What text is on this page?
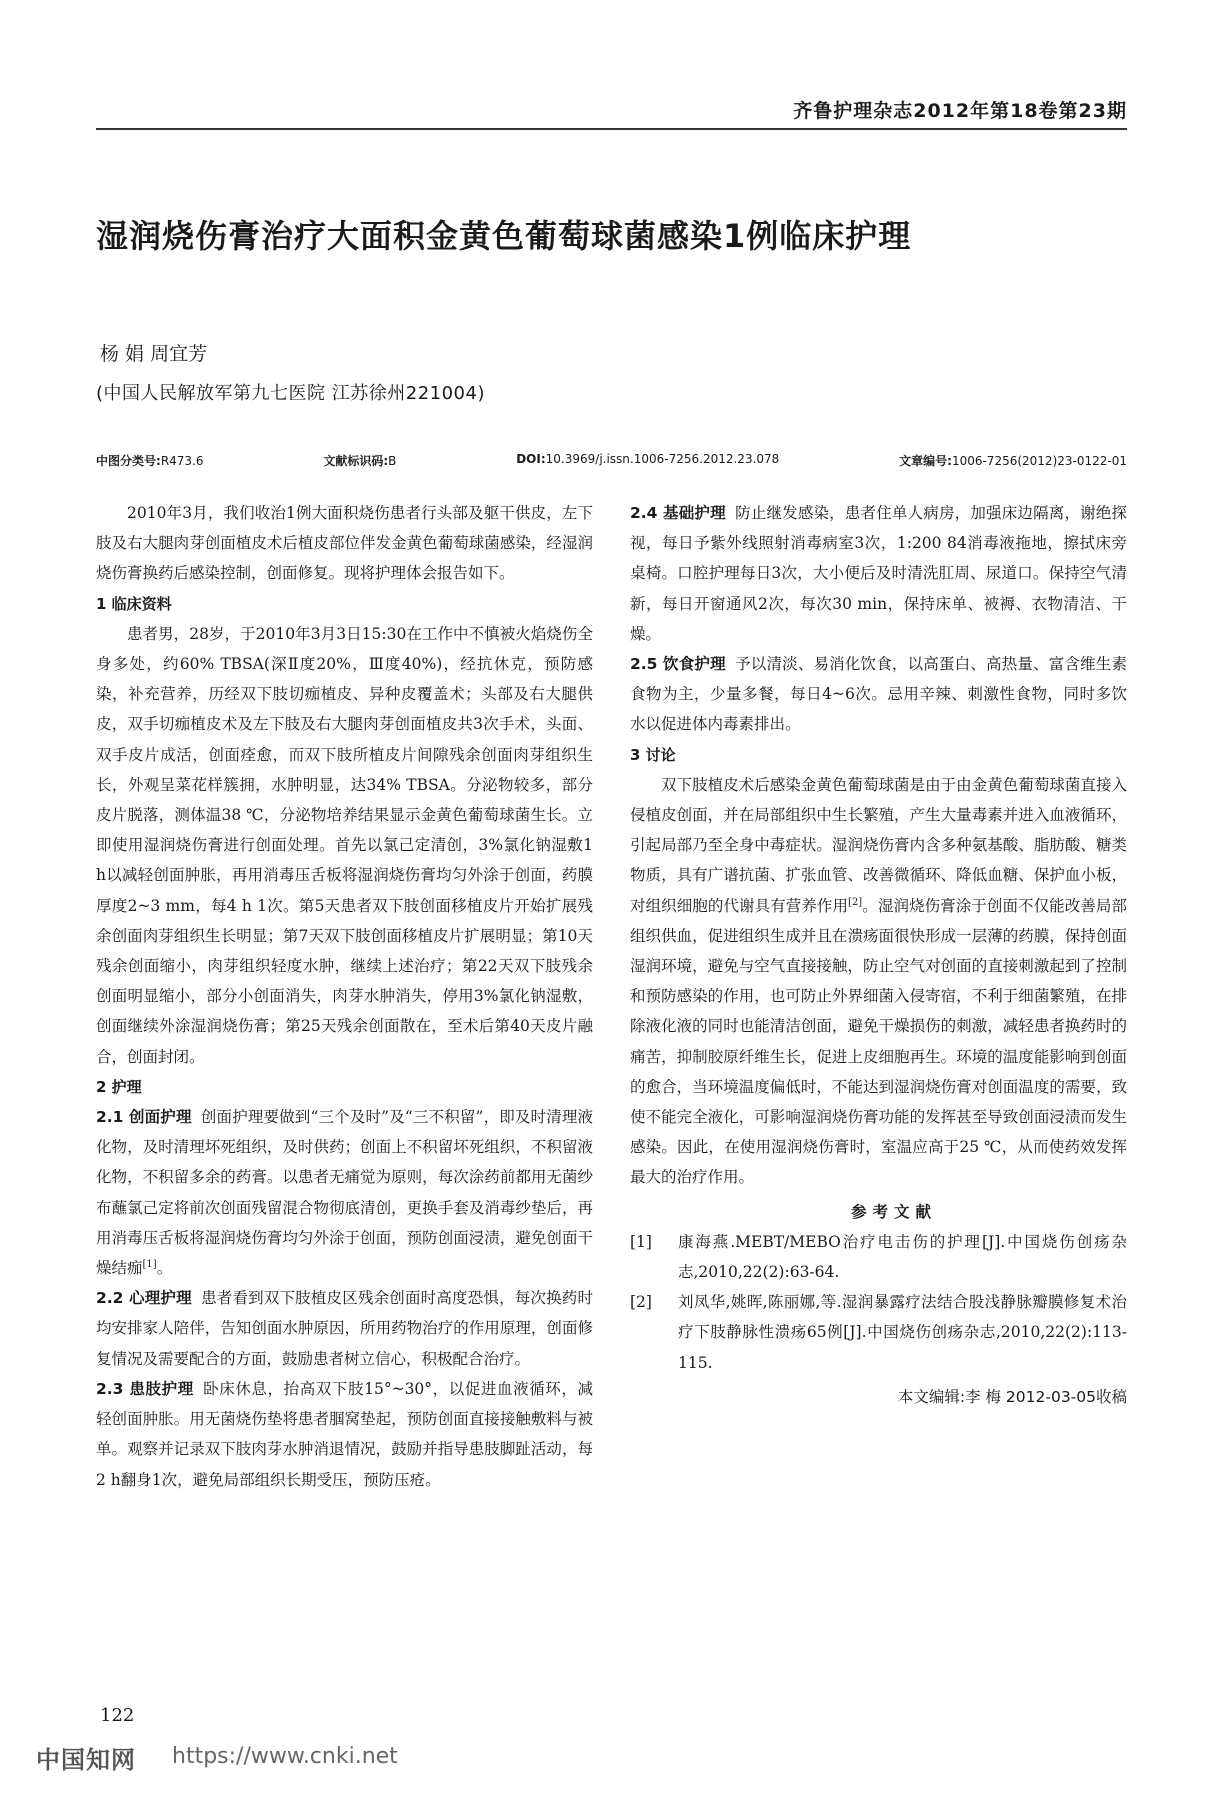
齐鲁护理杂志2012年第18卷第23期
湿润烧伤膏治疗大面积金黄色葡萄球菌感染1例临床护理
杨 娟 周宜芳
(中国人民解放军第九七医院 江苏徐州221004)
中图分类号:R473.6	文献标识码:B	DOI:10.3969/j.issn.1006-7256.2012.23.078	文章编号:1006-7256(2012)23-0122-01

2010年3月，我们收治1例大面积烧伤患者行头部及躯干供皮，左下肢及右大腿肉芽创面植皮术后植皮部位伴发金黄色葡萄球菌感染，经湿润烧伤膏换药后感染控制，创面修复。现将护理体会报告如下。

1 临床资料

患者男，28岁，于2010年3月3日15:30在工作中不慎被火焰烧伤全身多处，约60% TBSA(深Ⅱ度20%，Ⅲ度40%)，经抗休克，预防感染，补充营养，历经双下肢切痂植皮、异种皮覆盖术；头部及右大腿供皮，双手切痂植皮术及左下肢及右大腿肉芽创面植皮共3次手术，头面、双手皮片成活，创面痊愈，而双下肢所植皮片间隙残余创面肉芽组织生长，外观呈菜花样簇拥，水肿明显，达34% TBSA。分泌物较多，部分皮片脱落，测体温38 ℃，分泌物培养结果显示金黄色葡萄球菌生长。立即使用湿润烧伤膏进行创面处理。首先以氯己定清创，3%氯化钠湿敷1 h以减轻创面肿胀，再用消毒压舌板将湿润烧伤膏均匀外涂于创面，药膜厚度2~3 mm，每4 h 1次。第5天患者双下肢创面移植皮片开始扩展残余创面肉芽组织生长明显；第7天双下肢创面移植皮片扩展明显；第10天残余创面缩小，肉芽组织轻度水肿，继续上述治疗；第22天双下肢残余创面明显缩小，部分小创面消失，肉芽水肿消失，停用3%氯化钠湿敷，创面继续外涂湿润烧伤膏；第25天残余创面散在，至术后第40天皮片融合，创面封闭。

2 护理

2.1 创面护理 创面护理要做到“三个及时”及“三不积留”，即及时清理液化物，及时清理坏死组织，及时供药；创面上不积留坏死组织，不积留液化物，不积留多余的药膏。以患者无痛觉为原则，每次涂药前都用无菌纱布蘸氯己定将前次创面残留混合物彻底清创，更换手套及消毒纱垫后，再用消毒压舌板将湿润烧伤膏均匀外涂于创面，预防创面浸渍，避免创面干燥结痂[1]。

2.2 心理护理 患者看到双下肢植皮区残余创面时高度恐惧，每次换药时均安排家人陪伴，告知创面水肿原因，所用药物治疗的作用原理，创面修复情况及需要配合的方面，鼓励患者树立信心，积极配合治疗。

2.3 患肢护理 卧床休息，抬高双下肢15°~30°，以促进血液循环，减轻创面肿胀。用无菌烧伤垫将患者腘窝垫起，预防创面直接接触敷料与被单。观察并记录双下肢肉芽水肿消退情况，鼓励并指导患肢脚趾活动，每2 h翻身1次，避免局部组织长期受压，预防压疮。

2.4 基础护理 防止继发感染，患者住单人病房，加强床边隔离，谢绝探视，每日予紫外线照射消毒病室3次，1:200 84消毒液拖地，擦拭床旁桌椅。口腔护理每日3次，大小便后及时清洗肛周、尿道口。保持空气清新，每日开窗通风2次，每次30 min，保持床单、被褥、衣物清洁、干燥。

2.5 饮食护理 予以清淡、易消化饮食，以高蛋白、高热量、富含维生素食物为主，少量多餐，每日4~6次。忌用辛辣、刺激性食物，同时多饮水以促进体内毒素排出。

3 讨论

双下肢植皮术后感染金黄色葡萄球菌是由于由金黄色葡萄球菌直接入侵植皮创面，并在局部组织中生长繁殖，产生大量毒素并进入血液循环，引起局部乃至全身中毒症状。湿润烧伤膏内含多种氨基酸、脂肪酸、糖类物质，具有广谱抗菌、扩张血管、改善微循环、降低血糖、保护血小板，对组织细胞的代谢具有营养作用[2]。湿润烧伤膏涂于创面不仅能改善局部组织供血，促进组织生成并且在溃疡面很快形成一层薄的药膜，保持创面湿润环境，避免与空气直接接触，防止空气对创面的直接刺激起到了控制和预防感染的作用，也可防止外界细菌入侵寄宿，不利于细菌繁殖，在排除液化液的同时也能清洁创面，避免干燥损伤的刺激，减轻患者换药时的痛苦，抑制胶原纤维生长，促进上皮细胞再生。环境的温度能影响到创面的愈合，当环境温度偏低时，不能达到湿润烧伤膏对创面温度的需要，致使不能完全液化，可影响湿润烧伤膏功能的发挥甚至导致创面浸渍而发生感染。因此，在使用湿润烧伤膏时，室温应高于25 ℃，从而使药效发挥最大的治疗作用。

参考文献

[1]	康海燕.MEBT/MEBO治疗电击伤的护理[J].中国烧伤创疡杂志,2010,22(2):63-64.
[2]	刘凤华,姚晖,陈丽娜,等.湿润暴露疗法结合股浅静脉瓣膜修复术治疗下肢静脉性溃疡65例[J].中国烧伤创疡杂志,2010,22(2):113-115.

本文编辑:李 梅 2012-03-05收稿

122
中国知网 https://www.cnki.net
